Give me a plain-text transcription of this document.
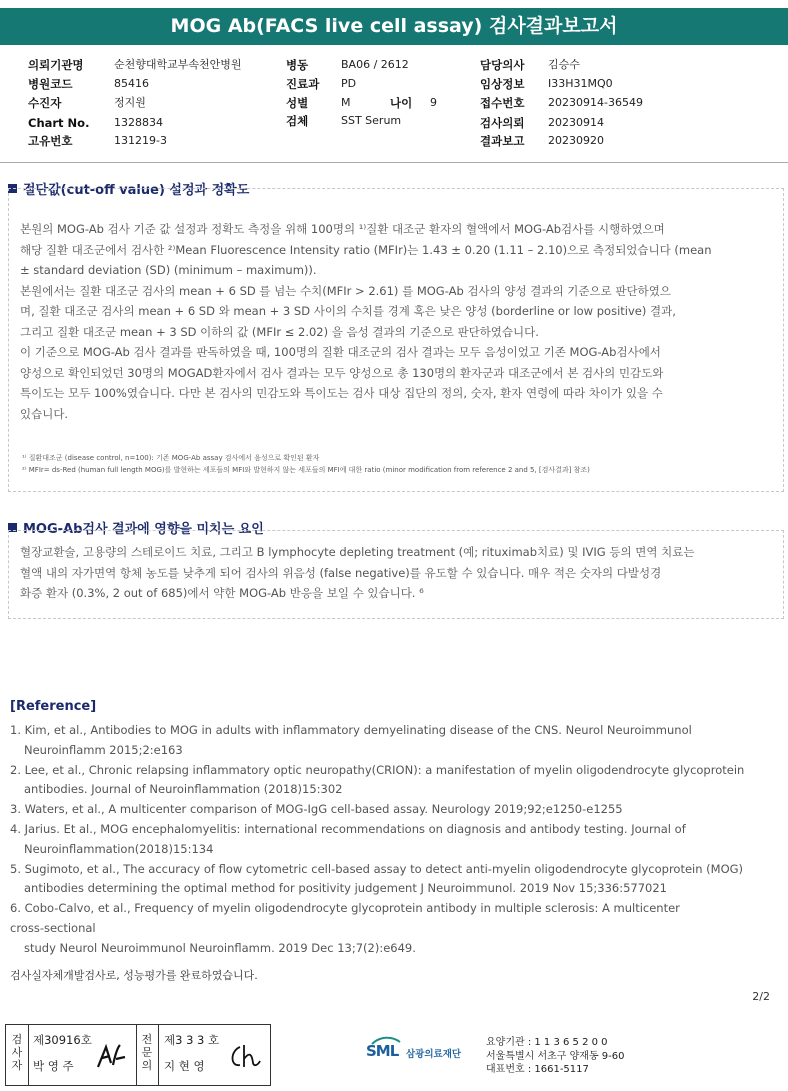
MOG Ab(FACS live cell assay) 검사결과보고서
의뢰기관명	순천향대학교부속천안병원	병동	BA06 / 2612	담당의사 김승수
병원코드	85416	진료과 PD	임상정보 I33H31MQ0
수진자	정지원	성별	M	나이 9	접수번호 20230914-36549
Chart No. 1328834	검체	SST Serum	검사의뢰 20230914
고유번호	131219-3	결과보고 20230920
절단값(cut-off value) 설정과 정확도
본원의 MOG-Ab 검사 기준 값 설정과 정확도 측정을 위해 100명의 ¹⁾질환 대조군 환자의 혈액에서 MOG-Ab검사를 시행하였으며
해당 질환 대조군에서 검사한 ²⁾Mean Fluorescence Intensity ratio (MFIr)는 1.43 ± 0.20 (1.11 – 2.10)으로 측정되었습니다 (mean
± standard deviation (SD) (minimum – maximum)).
본원에서는 질환 대조군 검사의 mean + 6 SD 를 넘는 수치(MFIr > 2.61) 를 MOG-Ab 검사의 양성 결과의 기준으로 판단하였으
며, 질환 대조군 검사의 mean + 6 SD 와 mean + 3 SD 사이의 수치를 경계 혹은 낮은 양성 (borderline or low positive) 결과,
그리고 질환 대조군 mean + 3 SD 이하의 값 (MFIr ≤ 2.02) 을 음성 결과의 기준으로 판단하였습니다.
이 기준으로 MOG-Ab 검사 결과를 판독하였을 때, 100명의 질환 대조군의 검사 결과는 모두 음성이었고 기존 MOG-Ab검사에서
양성으로 확인되었던 30명의 MOGAD환자에서 검사 결과는 모두 양성으로 총 130명의 환자군과 대조군에서 본 검사의 민감도와
특이도는 모두 100%였습니다. 다만 본 검사의 민감도와 특이도는 검사 대상 집단의 정의, 숫자, 환자 연령에 따라 차이가 있을 수
있습니다.
¹⁾ 질환대조군 (disease control, n=100): 기존 MOG-Ab assay 검사에서 음성으로 확인된 환자
²⁾ MFIr= ds-Red (human full length MOG)를 발현하는 세포들의 MFI와 발현하지 않는 세포들의 MFI에 대한 ratio (minor modification from reference 2 and 5, [검사결과] 참조)
MOG-Ab검사 결과에 영향을 미치는 요인
혈장교환술, 고용량의 스테로이드 치료, 그리고 B lymphocyte depleting treatment (예; rituximab치료) 및 IVIG 등의 면역 치료는
혈액 내의 자가면역 항체 농도를 낮추게 되어 검사의 위음성 (false negative)를 유도할 수 있습니다. 매우 적은 숫자의 다발성경
화증 환자 (0.3%, 2 out of 685)에서 약한 MOG-Ab 반응을 보일 수 있습니다. ⁶
[Reference]
1. Kim, et al., Antibodies to MOG in adults with inflammatory demyelinating disease of the CNS. Neurol Neuroimmunol
Neuroinflamm 2015;2:e163
2. Lee, et al., Chronic relapsing inflammatory optic neuropathy(CRION): a manifestation of myelin oligodendrocyte glycoprotein
antibodies. Journal of Neuroinflammation (2018)15:302
3. Waters, et al., A multicenter comparison of MOG-IgG cell-based assay. Neurology 2019;92;e1250-e1255
4. Jarius. Et al., MOG encephalomyelitis: international recommendations on diagnosis and antibody testing. Journal of
Neuroinflammation(2018)15:134
5. Sugimoto, et al., The accuracy of flow cytometric cell-based assay to detect anti-myelin oligodendrocyte glycoprotein (MOG)
antibodies determining the optimal method for positivity judgement J Neuroimmunol. 2019 Nov 15;336:577021
6. Cobo-Calvo, et al., Frequency of myelin oligodendrocyte glycoprotein antibody in multiple sclerosis: A multicenter
cross-sectional
study Neurol Neuroimmunol Neuroinflamm. 2019 Dec 13;7(2):e649.
검사실자체개발검사로, 성능평가를 완료하였습니다.
2/2
검사자
제30916호
박 영 주
전문의
제3 3 3 호
지 현 영
SML 삼광의료재단
요양기관 : 1 1 3 6 5 2 0 0
서울특별시 서초구 양재동 9-60
대표번호 : 1661-5117
